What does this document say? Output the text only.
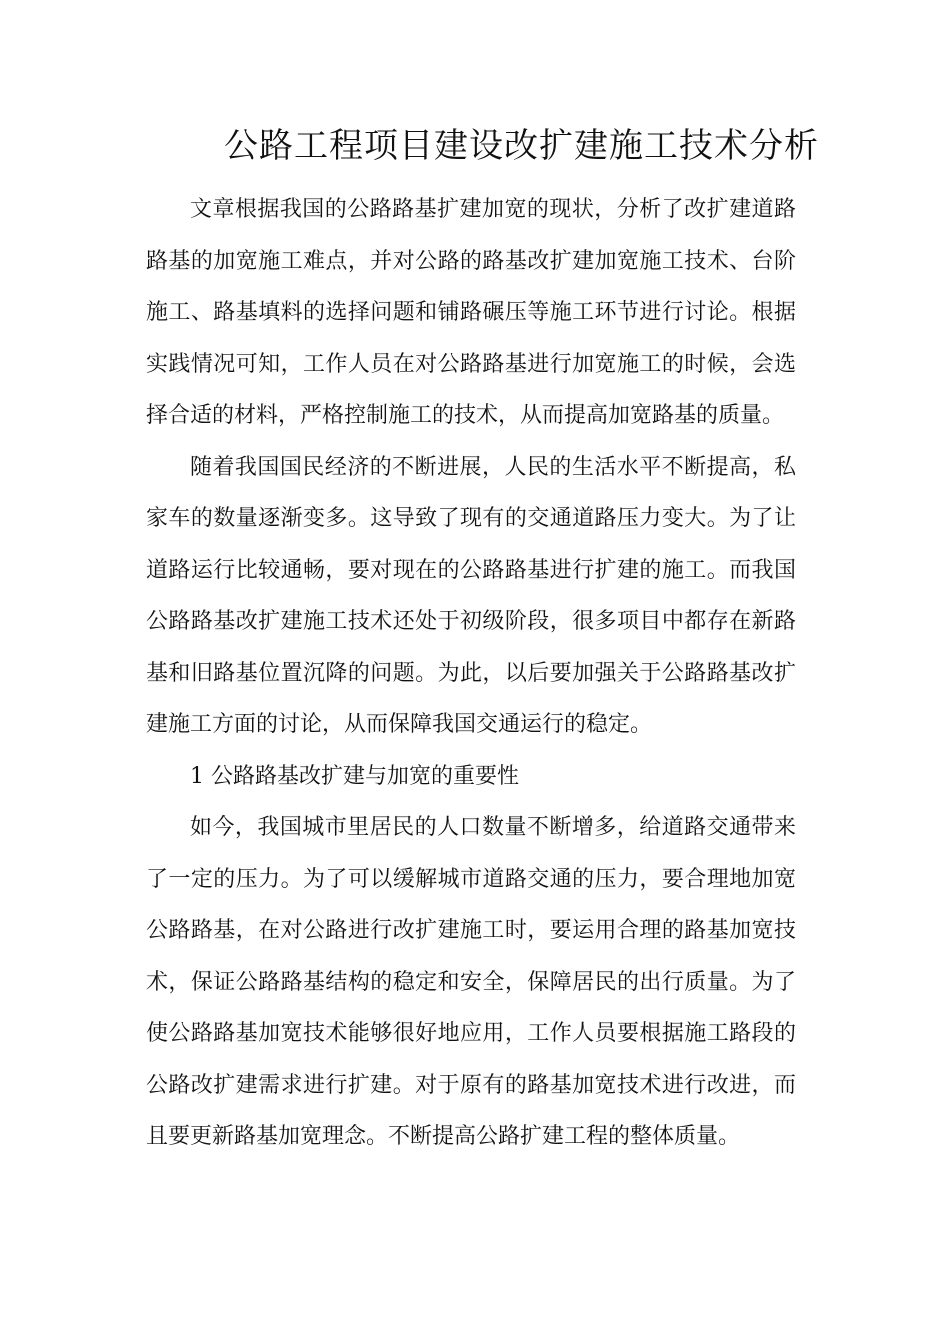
公路工程项目建设改扩建施工技术分析

文章根据我国的公路路基扩建加宽的现状，分析了改扩建道路路基的加宽施工难点，并对公路的路基改扩建加宽施工技术、台阶施工、路基填料的选择问题和铺路碾压等施工环节进行讨论。根据实践情况可知，工作人员在对公路路基进行加宽施工的时候，会选择合适的材料，严格控制施工的技术，从而提高加宽路基的质量。

随着我国国民经济的不断进展，人民的生活水平不断提高，私家车的数量逐渐变多。这导致了现有的交通道路压力变大。为了让道路运行比较通畅，要对现在的公路路基进行扩建的施工。而我国公路路基改扩建施工技术还处于初级阶段，很多项目中都存在新路基和旧路基位置沉降的问题。为此，以后要加强关于公路路基改扩建施工方面的讨论，从而保障我国交通运行的稳定。

1 公路路基改扩建与加宽的重要性

如今，我国城市里居民的人口数量不断增多，给道路交通带来了一定的压力。为了可以缓解城市道路交通的压力，要合理地加宽公路路基，在对公路进行改扩建施工时，要运用合理的路基加宽技术，保证公路路基结构的稳定和安全，保障居民的出行质量。为了使公路路基加宽技术能够很好地应用，工作人员要根据施工路段的公路改扩建需求进行扩建。对于原有的路基加宽技术进行改进，而且要更新路基加宽理念。不断提高公路扩建工程的整体质量。
